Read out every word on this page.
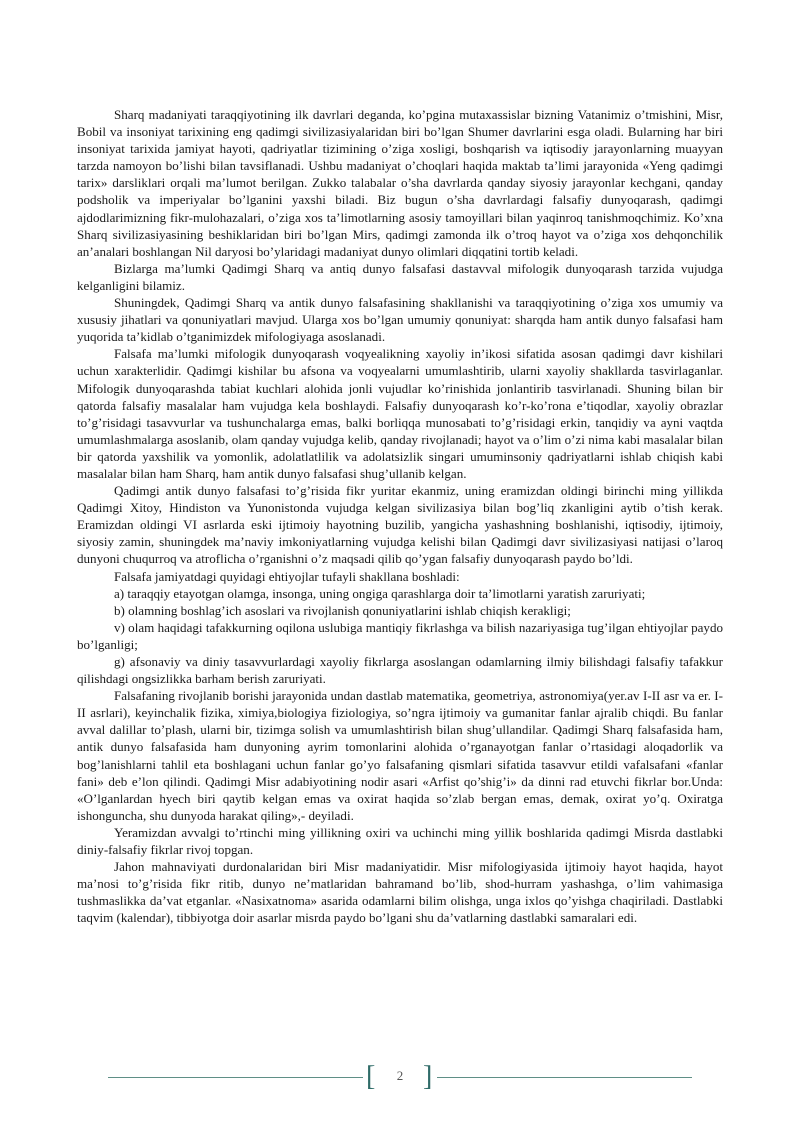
Sharq madaniyati taraqqiyotining ilk davrlari deganda, ko’pgina mutaxassislar bizning Vatanimiz o’tmishini, Misr, Bobil va insoniyat tarixining eng qadimgi sivilizasiyalaridan biri bo’lgan Shumer davrlarini esga oladi. Bularning har biri insoniyat tarixida jamiyat hayoti, qadriyatlar tizimining o’ziga xosligi, boshqarish va iqtisodiy jarayonlarning muayyan tarzda namoyon bo’lishi bilan tavsiflanadi. Ushbu madaniyat o’choqlari haqida maktab ta’limi jarayonida «Yeng qadimgi tarix» darsliklari orqali ma’lumot berilgan. Zukko talabalar o’sha davrlarda qanday siyosiy jarayonlar kechgani, qanday podsholik va imperiyalar bo’lganini yaxshi biladi. Biz bugun o’sha davrlardagi falsafiy dunyoqarash, qadimgi ajdodlarimizning fikr-mulohazalari, o’ziga xos ta’limotlarning asosiy tamoyillari bilan yaqinroq tanishmoqchimiz. Ko’xna Sharq sivilizasiyasining beshiklaridan biri bo’lgan Mirs, qadimgi zamonda ilk o’troq hayot va o’ziga xos dehqonchilik an’analari boshlangan Nil daryosi bo’ylaridagi madaniyat dunyo olimlari diqqatini tortib keladi.

Bizlarga ma’lumki Qadimgi Sharq va antiq dunyo falsafasi dastavval mifologik dunyoqarash tarzida vujudga kelganligini bilamiz.

Shuningdek, Qadimgi Sharq va antik dunyo falsafasining shakllanishi va taraqqiyotining o’ziga xos umumiy va xususiy jihatlari va qonuniyatlari mavjud. Ularga xos bo’lgan umumiy qonuniyat: sharqda ham antik dunyo falsafasi ham yuqorida ta’kidlab o’tganimizdek mifologiyaga asoslanadi.

Falsafa ma’lumki mifologik dunyoqarash voqyealikning xayoliy in’ikosi sifatida asosan qadimgi davr kishilari uchun xarakterlidir. Qadimgi kishilar bu afsona va voqyealarni umumlashtirib, ularni xayoliy shakllarda tasvirlaganlar. Mifologik dunyoqarashda tabiat kuchlari alohida jonli vujudlar ko’rinishida jonlantirib tasvirlanadi. Shuning bilan bir qatorda falsafiy masalalar ham vujudga kela boshlaydi. Falsafiy dunyoqarash ko’r-ko’rona e’tiqodlar, xayoliy obrazlar to’g’risidagi tasavvurlar va tushunchalarga emas, balki borliqqa munosabati to’g’risidagi erkin, tanqidiy va ayni vaqtda umumlashmalarga asoslanib, olam qanday vujudga kelib, qanday rivojlanadi; hayot va o’lim o’zi nima kabi masalalar bilan bir qatorda yaxshilik va yomonlik, adolatlatlilik va adolatsizlik singari umuminsoniy qadriyatlarni ishlab chiqish kabi masalalar bilan ham Sharq, ham antik dunyo falsafasi shug’ullanib kelgan.

Qadimgi antik dunyo falsafasi to’g’risida fikr yuritar ekanmiz, uning eramizdan oldingi birinchi ming yillikda Qadimgi Xitoy, Hindiston va Yunonistonda vujudga kelgan sivilizasiya bilan bog’liq zkanligini aytib o’tish kerak. Eramizdan oldingi VI asrlarda eski ijtimoiy hayotning buzilib, yangicha yashashning boshlanishi, iqtisodiy, ijtimoiy, siyosiy zamin, shuningdek ma’naviy imkoniyatlarning vujudga kelishi bilan Qadimgi davr sivilizasiyasi natijasi o’laroq dunyoni chuqurroq va atroflicha o’rganishni o’z maqsadi qilib qo’ygan falsafiy dunyoqarash paydo bo’ldi.

Falsafa jamiyatdagi quyidagi ehtiyojlar tufayli shakllana boshladi:

a) taraqqiy etayotgan olamga, insonga, uning ongiga qarashlarga doir ta’limotlarni yaratish zaruriyati;

b) olamning boshlag’ich asoslari va rivojlanish qonuniyatlarini ishlab chiqish kerakligi;

v) olam haqidagi tafakkurning oqilona uslubiga mantiqiy fikrlashga va bilish nazariyasiga tug’ilgan ehtiyojlar paydo bo’lganligi;

g) afsonaviy va diniy tasavvurlardagi xayoliy fikrlarga asoslangan odamlarning ilmiy bilishdagi falsafiy tafakkur qilishdagi ongsizlikka barham berish zaruriyati.

Falsafaning rivojlanib borishi jarayonida undan dastlab matematika, geometriya, astronomiya(yer.av I-II asr va er. I-II asrlari), keyinchalik fizika, ximiya,biologiya fiziologiya, so’ngra ijtimoiy va gumanitar fanlar ajralib chiqdi. Bu fanlar avval dalillar to’plash, ularni bir, tizimga solish va umumlashtirish bilan shug’ullandilar. Qadimgi Sharq falsafasida ham, antik dunyo falsafasida ham dunyoning ayrim tomonlarini alohida o’rganayotgan fanlar o’rtasidagi aloqadorlik va bog’lanishlarni tahlil eta boshlagani uchun fanlar go’yo falsafaning qismlari sifatida tasavvur etildi vafalsafani «fanlar fani» deb e’lon qilindi. Qadimgi Misr adabiyotining nodir asari «Arfist qo’shig’i» da dinni rad etuvchi fikrlar bor.Unda: «O’lganlardan hyech biri qaytib kelgan emas va oxirat haqida so’zlab bergan emas, demak, oxirat yo’q. Oxiratga ishonguncha, shu dunyoda harakat qiling»,- deyiladi.

Yeramizdan avvalgi to’rtinchi ming yillikning oxiri va uchinchi ming yillik boshlarida qadimgi Misrda dastlabki diniy-falsafiy fikrlar rivoj topgan.

Jahon mahnaviyati durdonalaridan biri Misr madaniyatidir. Misr mifologiyasida ijtimoiy hayot haqida, hayot ma’nosi to’g’risida fikr ritib, dunyo ne’matlaridan bahramand bo’lib, shod-hurram yashashga, o’lim vahimasiga tushmaslikka da’vat etganlar. «Nasixatnoma» asarida odamlarni bilim olishga, unga ixlos qo’yishga chaqiriladi. Dastlabki taqvim (kalendar), tibbiyotga doir asarlar misrda paydo bo’lgani shu da’vatlarning dastlabki samaralari edi.

[	2 ]
